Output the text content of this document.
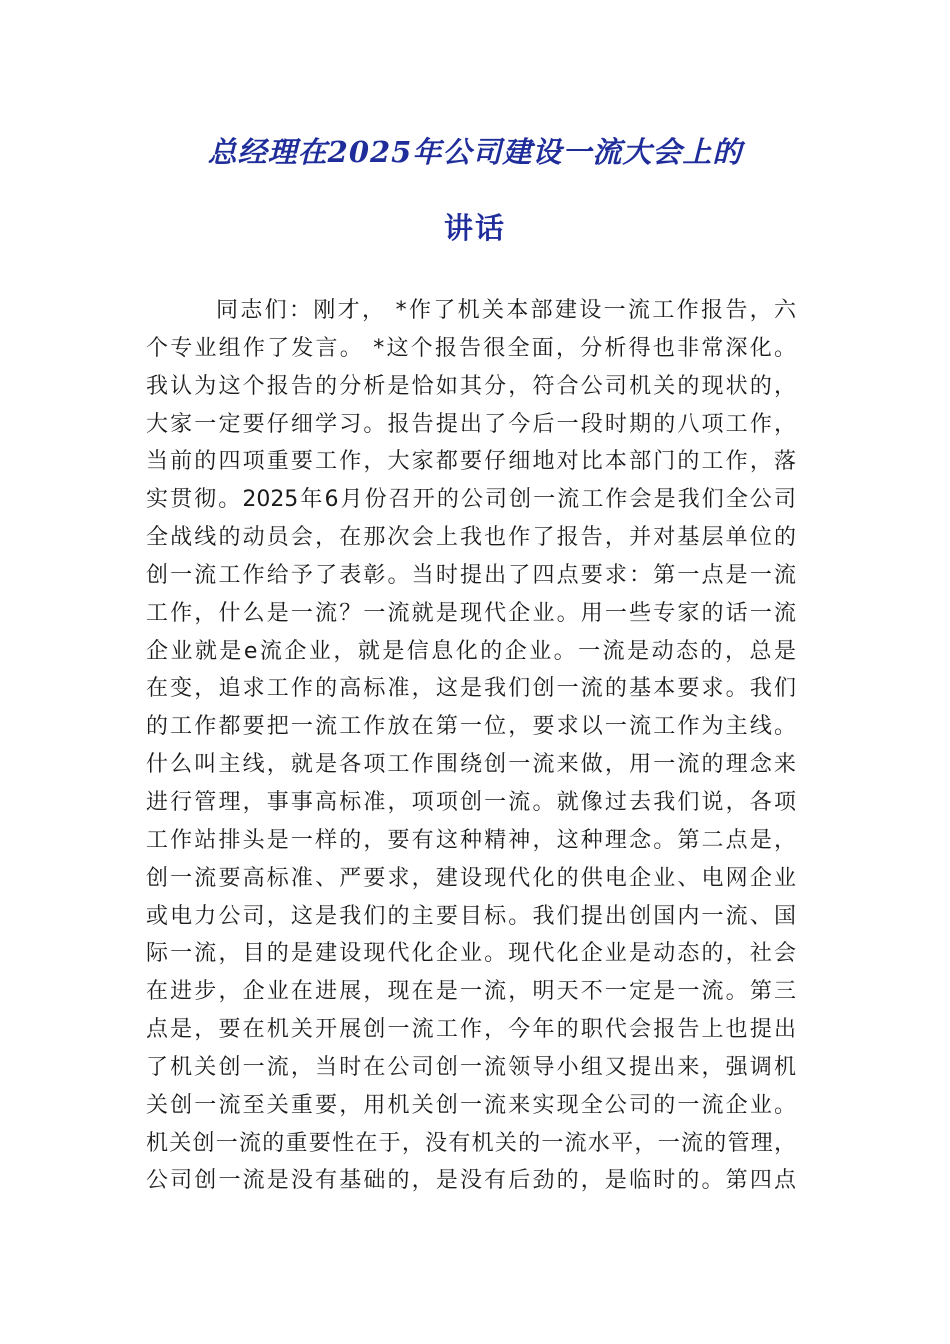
总经理在2025年公司建设一流大会上的
讲话
同志们：刚才， *作了机关本部建设一流工作报告，六
个专业组作了发言。 *这个报告很全面，分析得也非常深化。
我认为这个报告的分析是恰如其分，符合公司机关的现状的，
大家一定要仔细学习。报告提出了今后一段时期的八项工作，
当前的四项重要工作，大家都要仔细地对比本部门的工作，落
实贯彻。2025年6月份召开的公司创一流工作会是我们全公司
全战线的动员会，在那次会上我也作了报告，并对基层单位的
创一流工作给予了表彰。当时提出了四点要求：第一点是一流
工作，什么是一流？一流就是现代企业。用一些专家的话一流
企业就是e流企业，就是信息化的企业。一流是动态的，总是
在变，追求工作的高标准，这是我们创一流的基本要求。我们
的工作都要把一流工作放在第一位，要求以一流工作为主线。
什么叫主线，就是各项工作围绕创一流来做，用一流的理念来
进行管理，事事高标准，项项创一流。就像过去我们说，各项
工作站排头是一样的，要有这种精神，这种理念。第二点是，
创一流要高标准、严要求，建设现代化的供电企业、电网企业
或电力公司，这是我们的主要目标。我们提出创国内一流、国
际一流，目的是建设现代化企业。现代化企业是动态的，社会
在进步，企业在进展，现在是一流，明天不一定是一流。第三
点是，要在机关开展创一流工作，今年的职代会报告上也提出
了机关创一流，当时在公司创一流领导小组又提出来，强调机
关创一流至关重要，用机关创一流来实现全公司的一流企业。
机关创一流的重要性在于，没有机关的一流水平，一流的管理，
公司创一流是没有基础的，是没有后劲的，是临时的。第四点
